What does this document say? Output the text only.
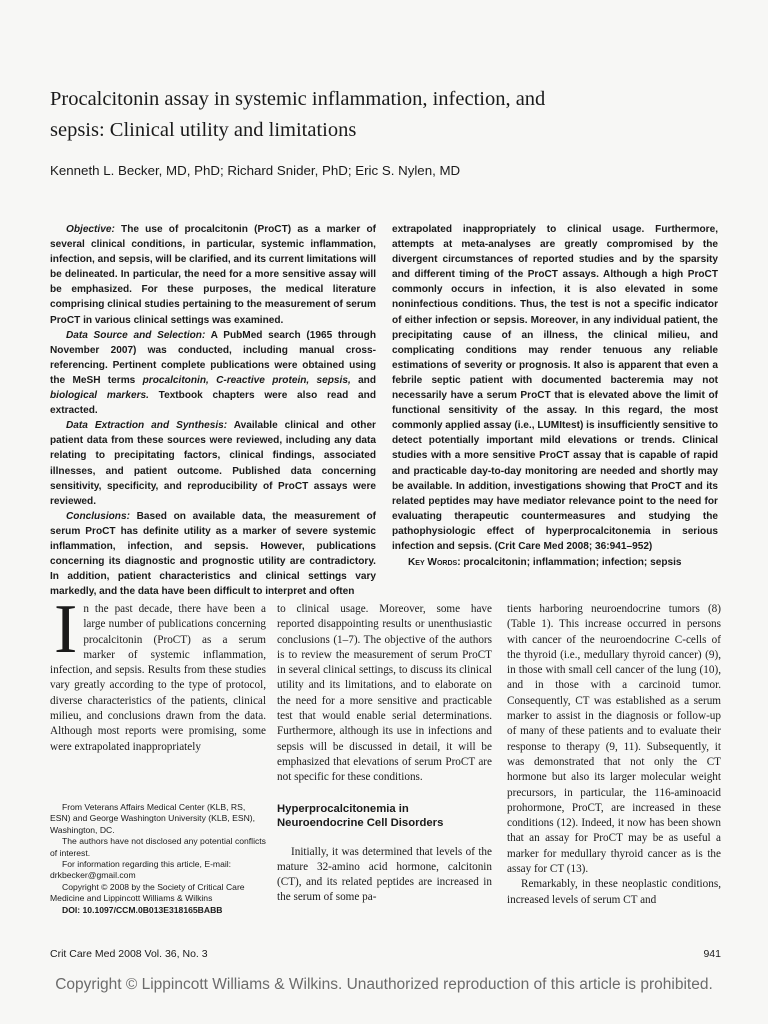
Procalcitonin assay in systemic inflammation, infection, and
sepsis: Clinical utility and limitations
Kenneth L. Becker, MD, PhD; Richard Snider, PhD; Eric S. Nylen, MD

Objective: The use of procalcitonin (ProCT) as a marker of several clinical conditions, in particular, systemic inflammation, infection, and sepsis, will be clarified, and its current limitations will be delineated. In particular, the need for a more sensitive assay will be emphasized. For these purposes, the medical literature comprising clinical studies pertaining to the measurement of serum ProCT in various clinical settings was examined.

Data Source and Selection: A PubMed search (1965 through November 2007) was conducted, including manual cross-referencing. Pertinent complete publications were obtained using the MeSH terms procalcitonin, C-reactive protein, sepsis, and biological markers. Textbook chapters were also read and extracted.

Data Extraction and Synthesis: Available clinical and other patient data from these sources were reviewed, including any data relating to precipitating factors, clinical findings, associated illnesses, and patient outcome. Published data concerning sensitivity, specificity, and reproducibility of ProCT assays were reviewed.

Conclusions: Based on available data, the measurement of serum ProCT has definite utility as a marker of severe systemic inflammation, infection, and sepsis. However, publications concerning its diagnostic and prognostic utility are contradictory. In addition, patient characteristics and clinical settings vary markedly, and the data have been difficult to interpret and often

extrapolated inappropriately to clinical usage. Furthermore, attempts at meta-analyses are greatly compromised by the divergent circumstances of reported studies and by the sparsity and different timing of the ProCT assays. Although a high ProCT commonly occurs in infection, it is also elevated in some noninfectious conditions. Thus, the test is not a specific indicator of either infection or sepsis. Moreover, in any individual patient, the precipitating cause of an illness, the clinical milieu, and complicating conditions may render tenuous any reliable estimations of severity or prognosis. It also is apparent that even a febrile septic patient with documented bacteremia may not necessarily have a serum ProCT that is elevated above the limit of functional sensitivity of the assay. In this regard, the most commonly applied assay (i.e., LUMItest) is insufficiently sensitive to detect potentially important mild elevations or trends. Clinical studies with a more sensitive ProCT assay that is capable of rapid and practicable day-to-day monitoring are needed and shortly may be available. In addition, investigations showing that ProCT and its related peptides may have mediator relevance point to the need for evaluating therapeutic countermeasures and studying the pathophysiologic effect of hyperprocalcitonemia in serious infection and sepsis. (Crit Care Med 2008; 36:941–952)

Key Words: procalcitonin; inflammation; infection; sepsis

In the past decade, there have been a large number of publications concerning procalcitonin (ProCT) as a serum marker of systemic inflammation, infection, and sepsis. Results from these studies vary greatly according to the type of protocol, diverse characteristics of the patients, clinical milieu, and conclusions drawn from the data. Although most reports were promising, some were extrapolated inappropriately

to clinical usage. Moreover, some have reported disappointing results or unenthusiastic conclusions (1–7). The objective of the authors is to review the measurement of serum ProCT in several clinical settings, to discuss its clinical utility and its limitations, and to elaborate on the need for a more sensitive and practicable test that would enable serial determinations. Furthermore, although its use in infections and sepsis will be discussed in detail, it will be emphasized that elevations of serum ProCT are not specific for these conditions.

Hyperprocalcitonemia in
Neuroendocrine Cell Disorders

Initially, it was determined that levels of the mature 32-amino acid hormone, calcitonin (CT), and its related peptides are increased in the serum of some pa-

tients harboring neuroendocrine tumors (8) (Table 1). This increase occurred in persons with cancer of the neuroendocrine C-cells of the thyroid (i.e., medullary thyroid cancer) (9), in those with small cell cancer of the lung (10), and in those with a carcinoid tumor. Consequently, CT was established as a serum marker to assist in the diagnosis or follow-up of many of these patients and to evaluate their response to therapy (9, 11). Subsequently, it was demonstrated that not only the CT hormone but also its larger molecular weight precursors, in particular, the 116-aminoacid prohormone, ProCT, are increased in these conditions (12). Indeed, it now has been shown that an assay for ProCT may be as useful a marker for medullary thyroid cancer as is the assay for CT (13).

Remarkably, in these neoplastic conditions, increased levels of serum CT and

From Veterans Affairs Medical Center (KLB, RS, ESN) and George Washington University (KLB, ESN), Washington, DC.

The authors have not disclosed any potential conflicts of interest.

For information regarding this article, E-mail: drkbecker@gmail.com

Copyright © 2008 by the Society of Critical Care Medicine and Lippincott Williams & Wilkins

DOI: 10.1097/CCM.0B013E318165BABB

Crit Care Med 2008 Vol. 36, No. 3	941
Copyright © Lippincott Williams & Wilkins. Unauthorized reproduction of this article is prohibited.
